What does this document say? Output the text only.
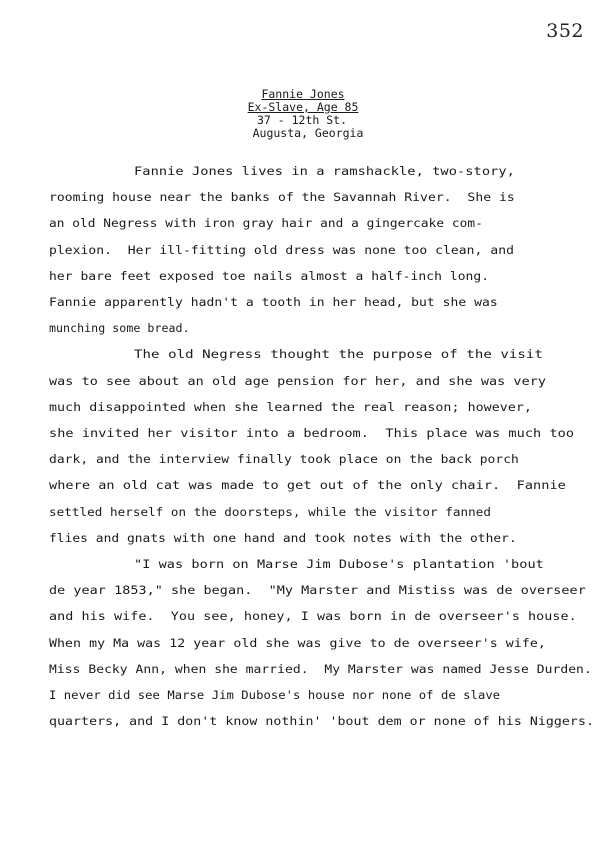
352
Fannie Jones
Ex-Slave, Age 85
37 - 12th St.
Augusta, Georgia
Fannie Jones lives in a ramshackle, two-story,
rooming house near the banks of the Savannah River.  She is
an old Negress with iron gray hair and a gingercake com-
plexion.  Her ill-fitting old dress was none too clean, and
her bare feet exposed toe nails almost a half-inch long.
Fannie apparently hadn't a tooth in her head, but she was
munching some bread.
The old Negress thought the purpose of the visit
was to see about an old age pension for her, and she was very
much disappointed when she learned the real reason; however,
she invited her visitor into a bedroom.  This place was much too
dark, and the interview finally took place on the back porch
where an old cat was made to get out of the only chair.  Fannie
settled herself on the doorsteps, while the visitor fanned
flies and gnats with one hand and took notes with the other.
"I was born on Marse Jim Dubose's plantation 'bout
de year 1853," she began.  "My Marster and Mistiss was de overseer
and his wife.  You see, honey, I was born in de overseer's house.
When my Ma was 12 year old she was give to de overseer's wife,
Miss Becky Ann, when she married.  My Marster was named Jesse Durden.
I never did see Marse Jim Dubose's house nor none of de slave
quarters, and I don't know nothin' 'bout dem or none of his Niggers.
